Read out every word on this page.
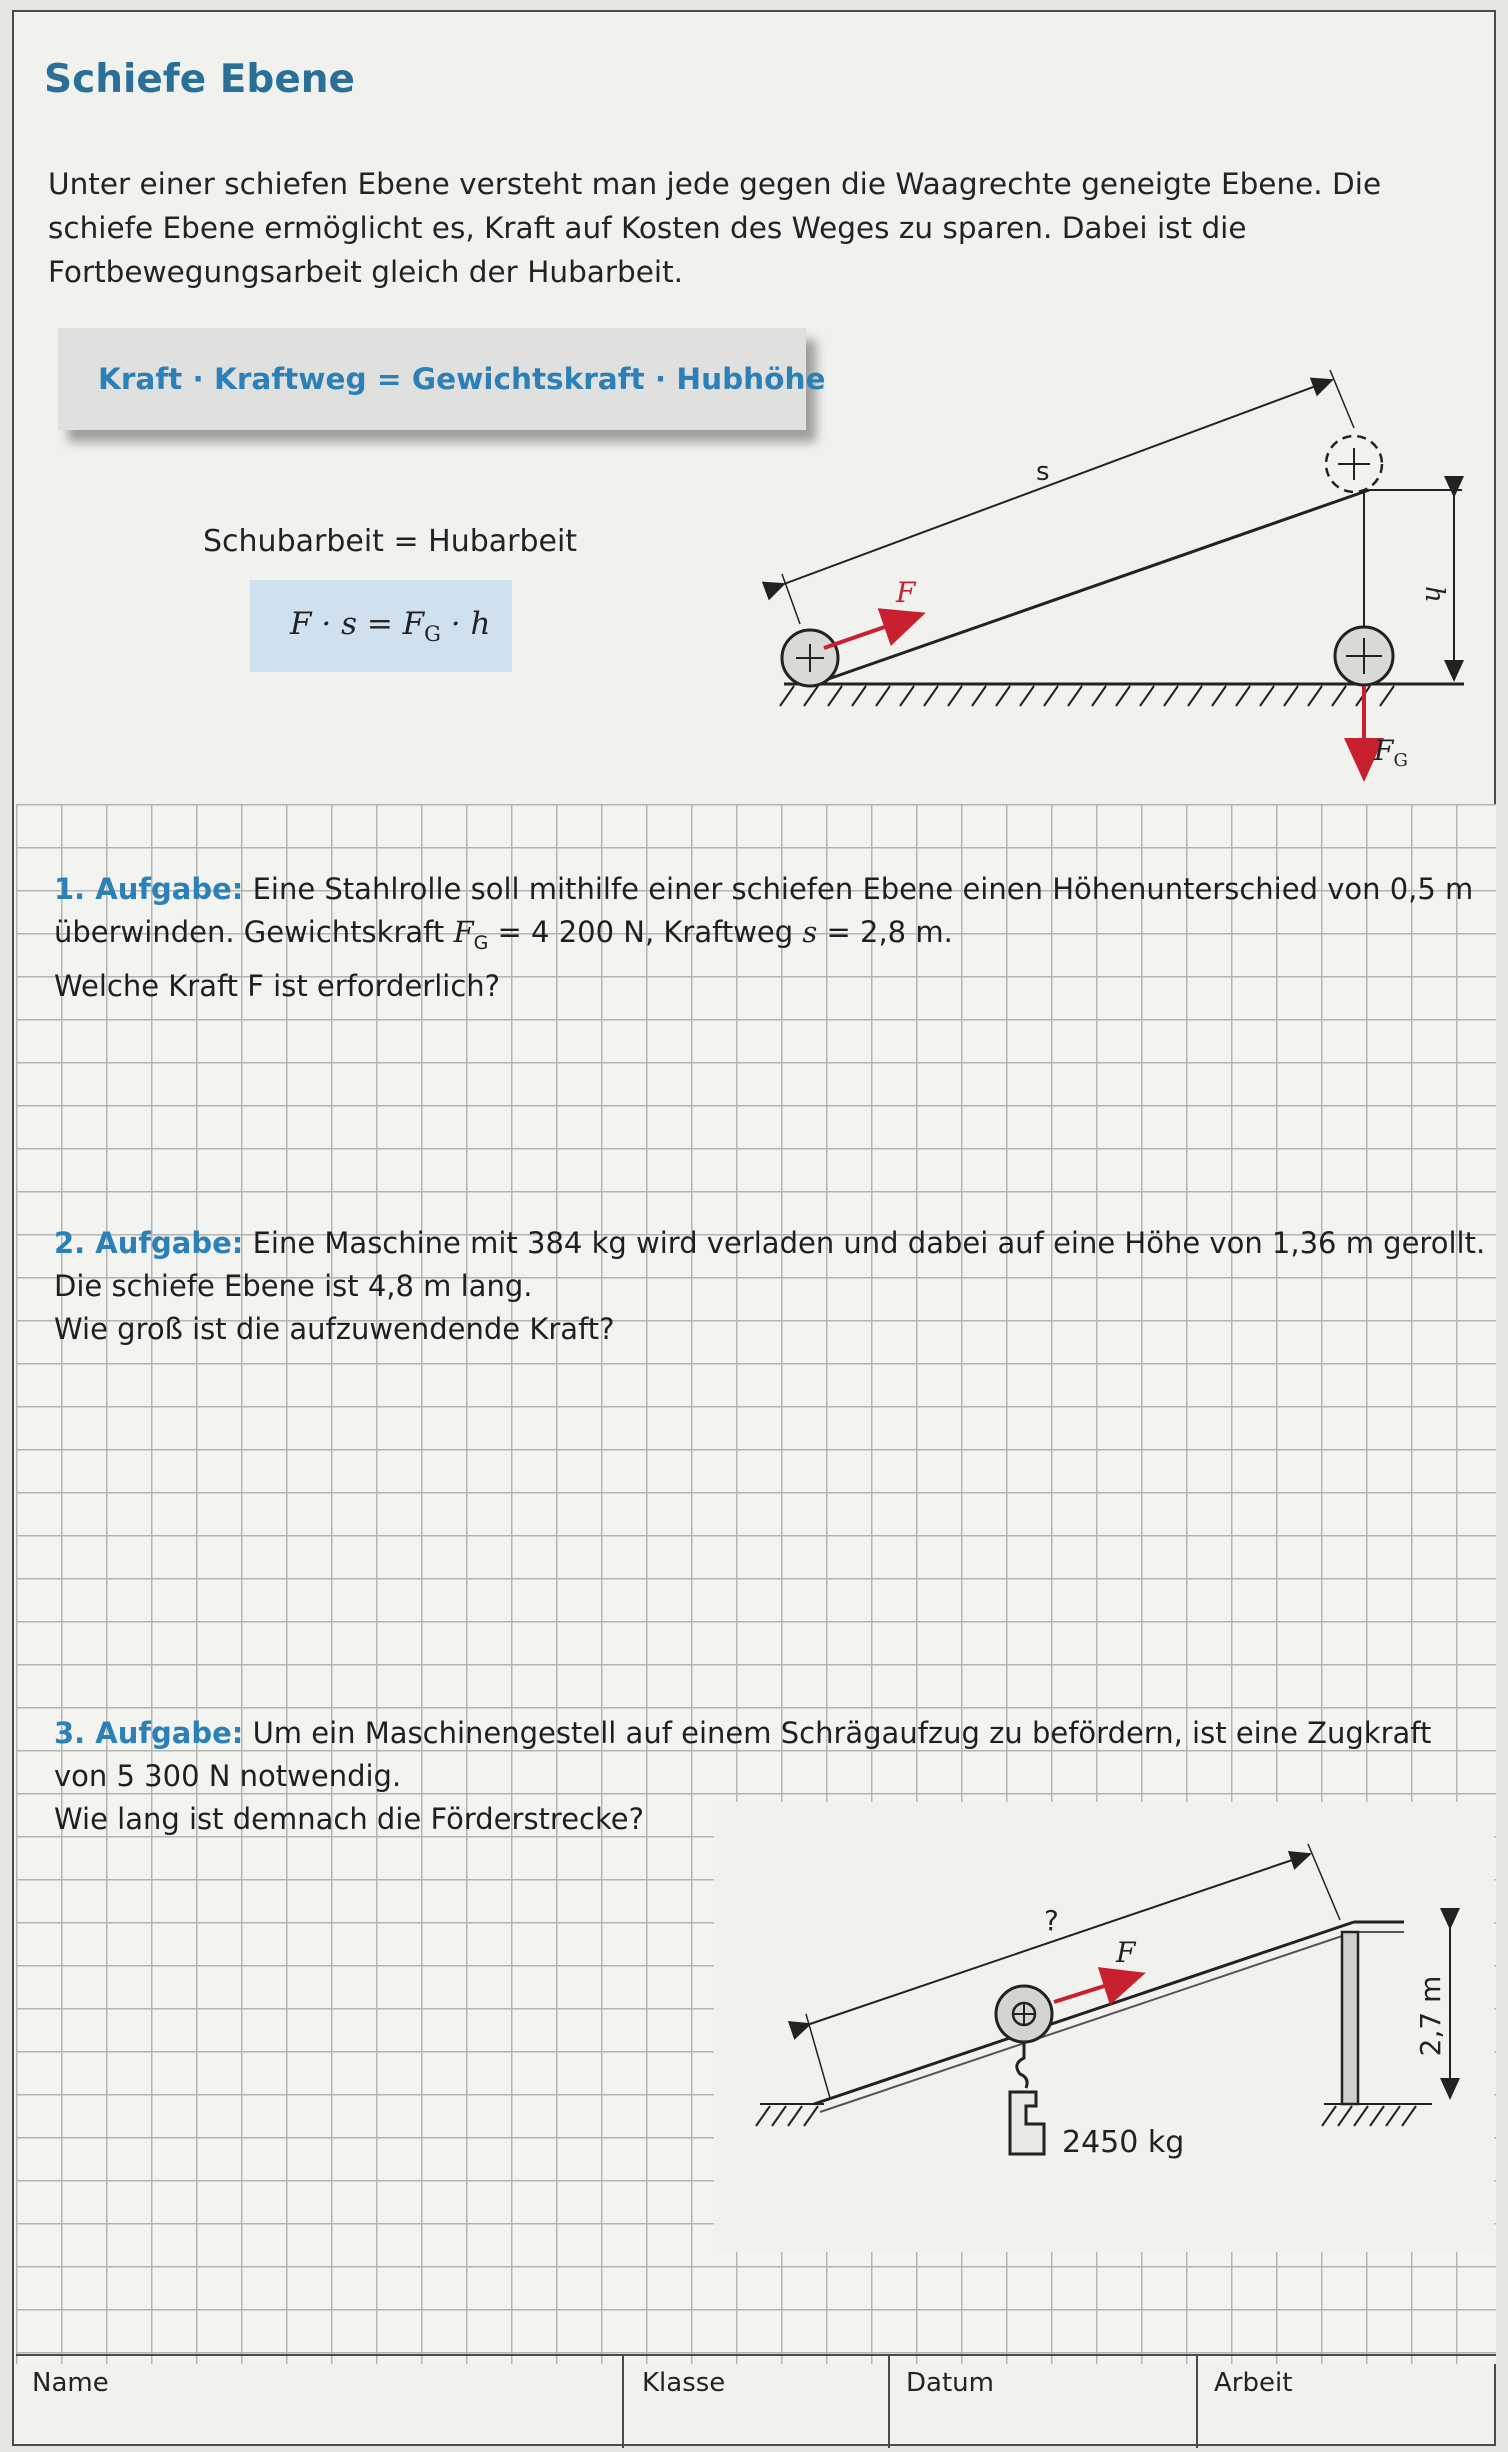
Schiefe Ebene
Unter einer schiefen Ebene versteht man jede gegen die Waagrechte geneigte Ebene. Die schiefe Ebene ermöglicht es, Kraft auf Kosten des Weges zu sparen. Dabei ist die Fortbewegungsarbeit gleich der Hubarbeit.
Kraft · Kraftweg = Gewichtskraft · Hubhöhe
Schubarbeit = Hubarbeit
$F \cdot s = F_G \cdot h$
h
s
F
$F_G$
1. Aufgabe: Eine Stahlrolle soll mithilfe einer schiefen Ebene einen Höhenunterschied von 0,5 m
überwinden. Gewichtskraft $F_G = 4$ 200 N, Kraftweg s = 2,8 m.
Welche Kraft F ist erforderlich?
2. Aufgabe: Eine Maschine mit 384 kg wird verladen und dabei auf eine Höhe von 1,36 m gerollt.
Die schiefe Ebene ist 4,8 m lang.
Wie groß ist die aufzuwendende Kraft?
3. Aufgabe: Um ein Maschinengestell auf einem Schrägaufzug zu befördern, ist eine Zugkraft
von 5 300 N notwendig.
Wie lang ist demnach die Förderstrecke?
2,7 m
?
2450 kg
F
Name	Klasse	Datum	Arbeit
